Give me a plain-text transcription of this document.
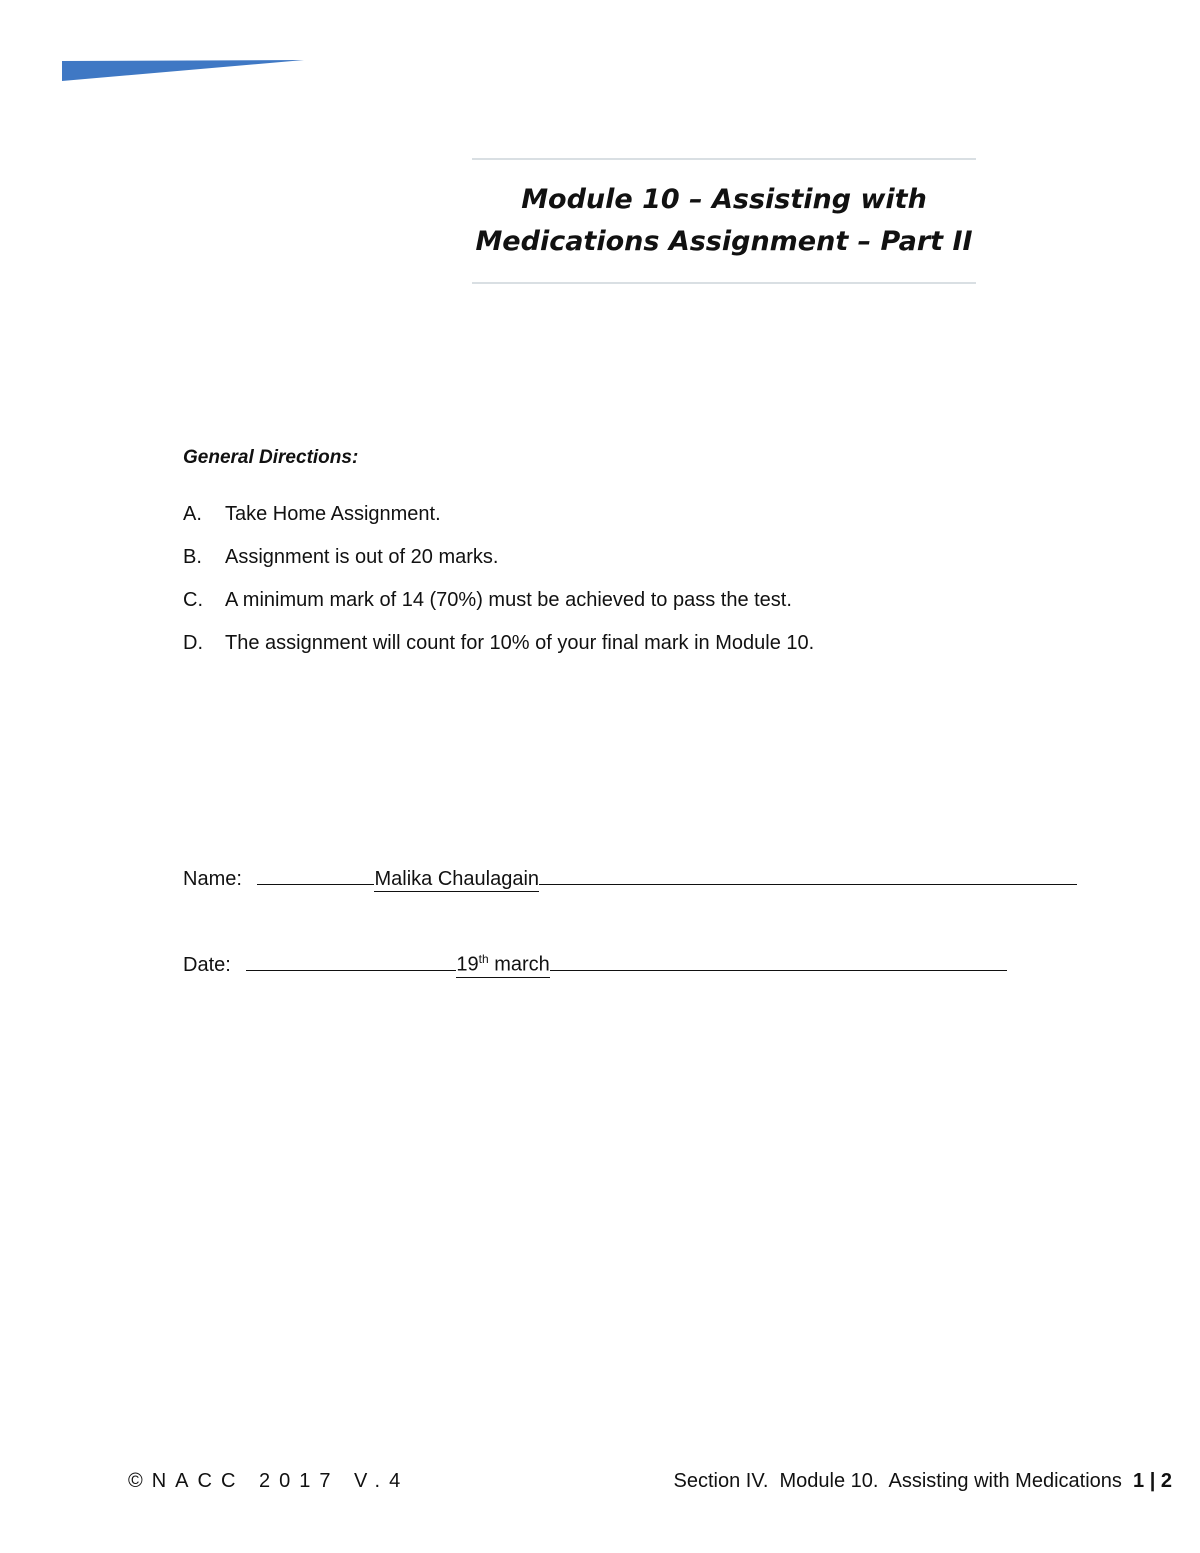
Module 10 – Assisting with
Medications Assignment – Part II
General Directions:
A.	Take Home Assignment.
B.	Assignment is out of 20 marks.
C.	A minimum mark of 14 (70%) must be achieved to pass the test.
D.	The assignment will count for 10% of your final mark in Module 10.
Name:	Malika Chaulagain
Date:	19th march
©NACC 2017 V.4	Section IV.  Module 10.  Assisting with Medications  1 | 2
